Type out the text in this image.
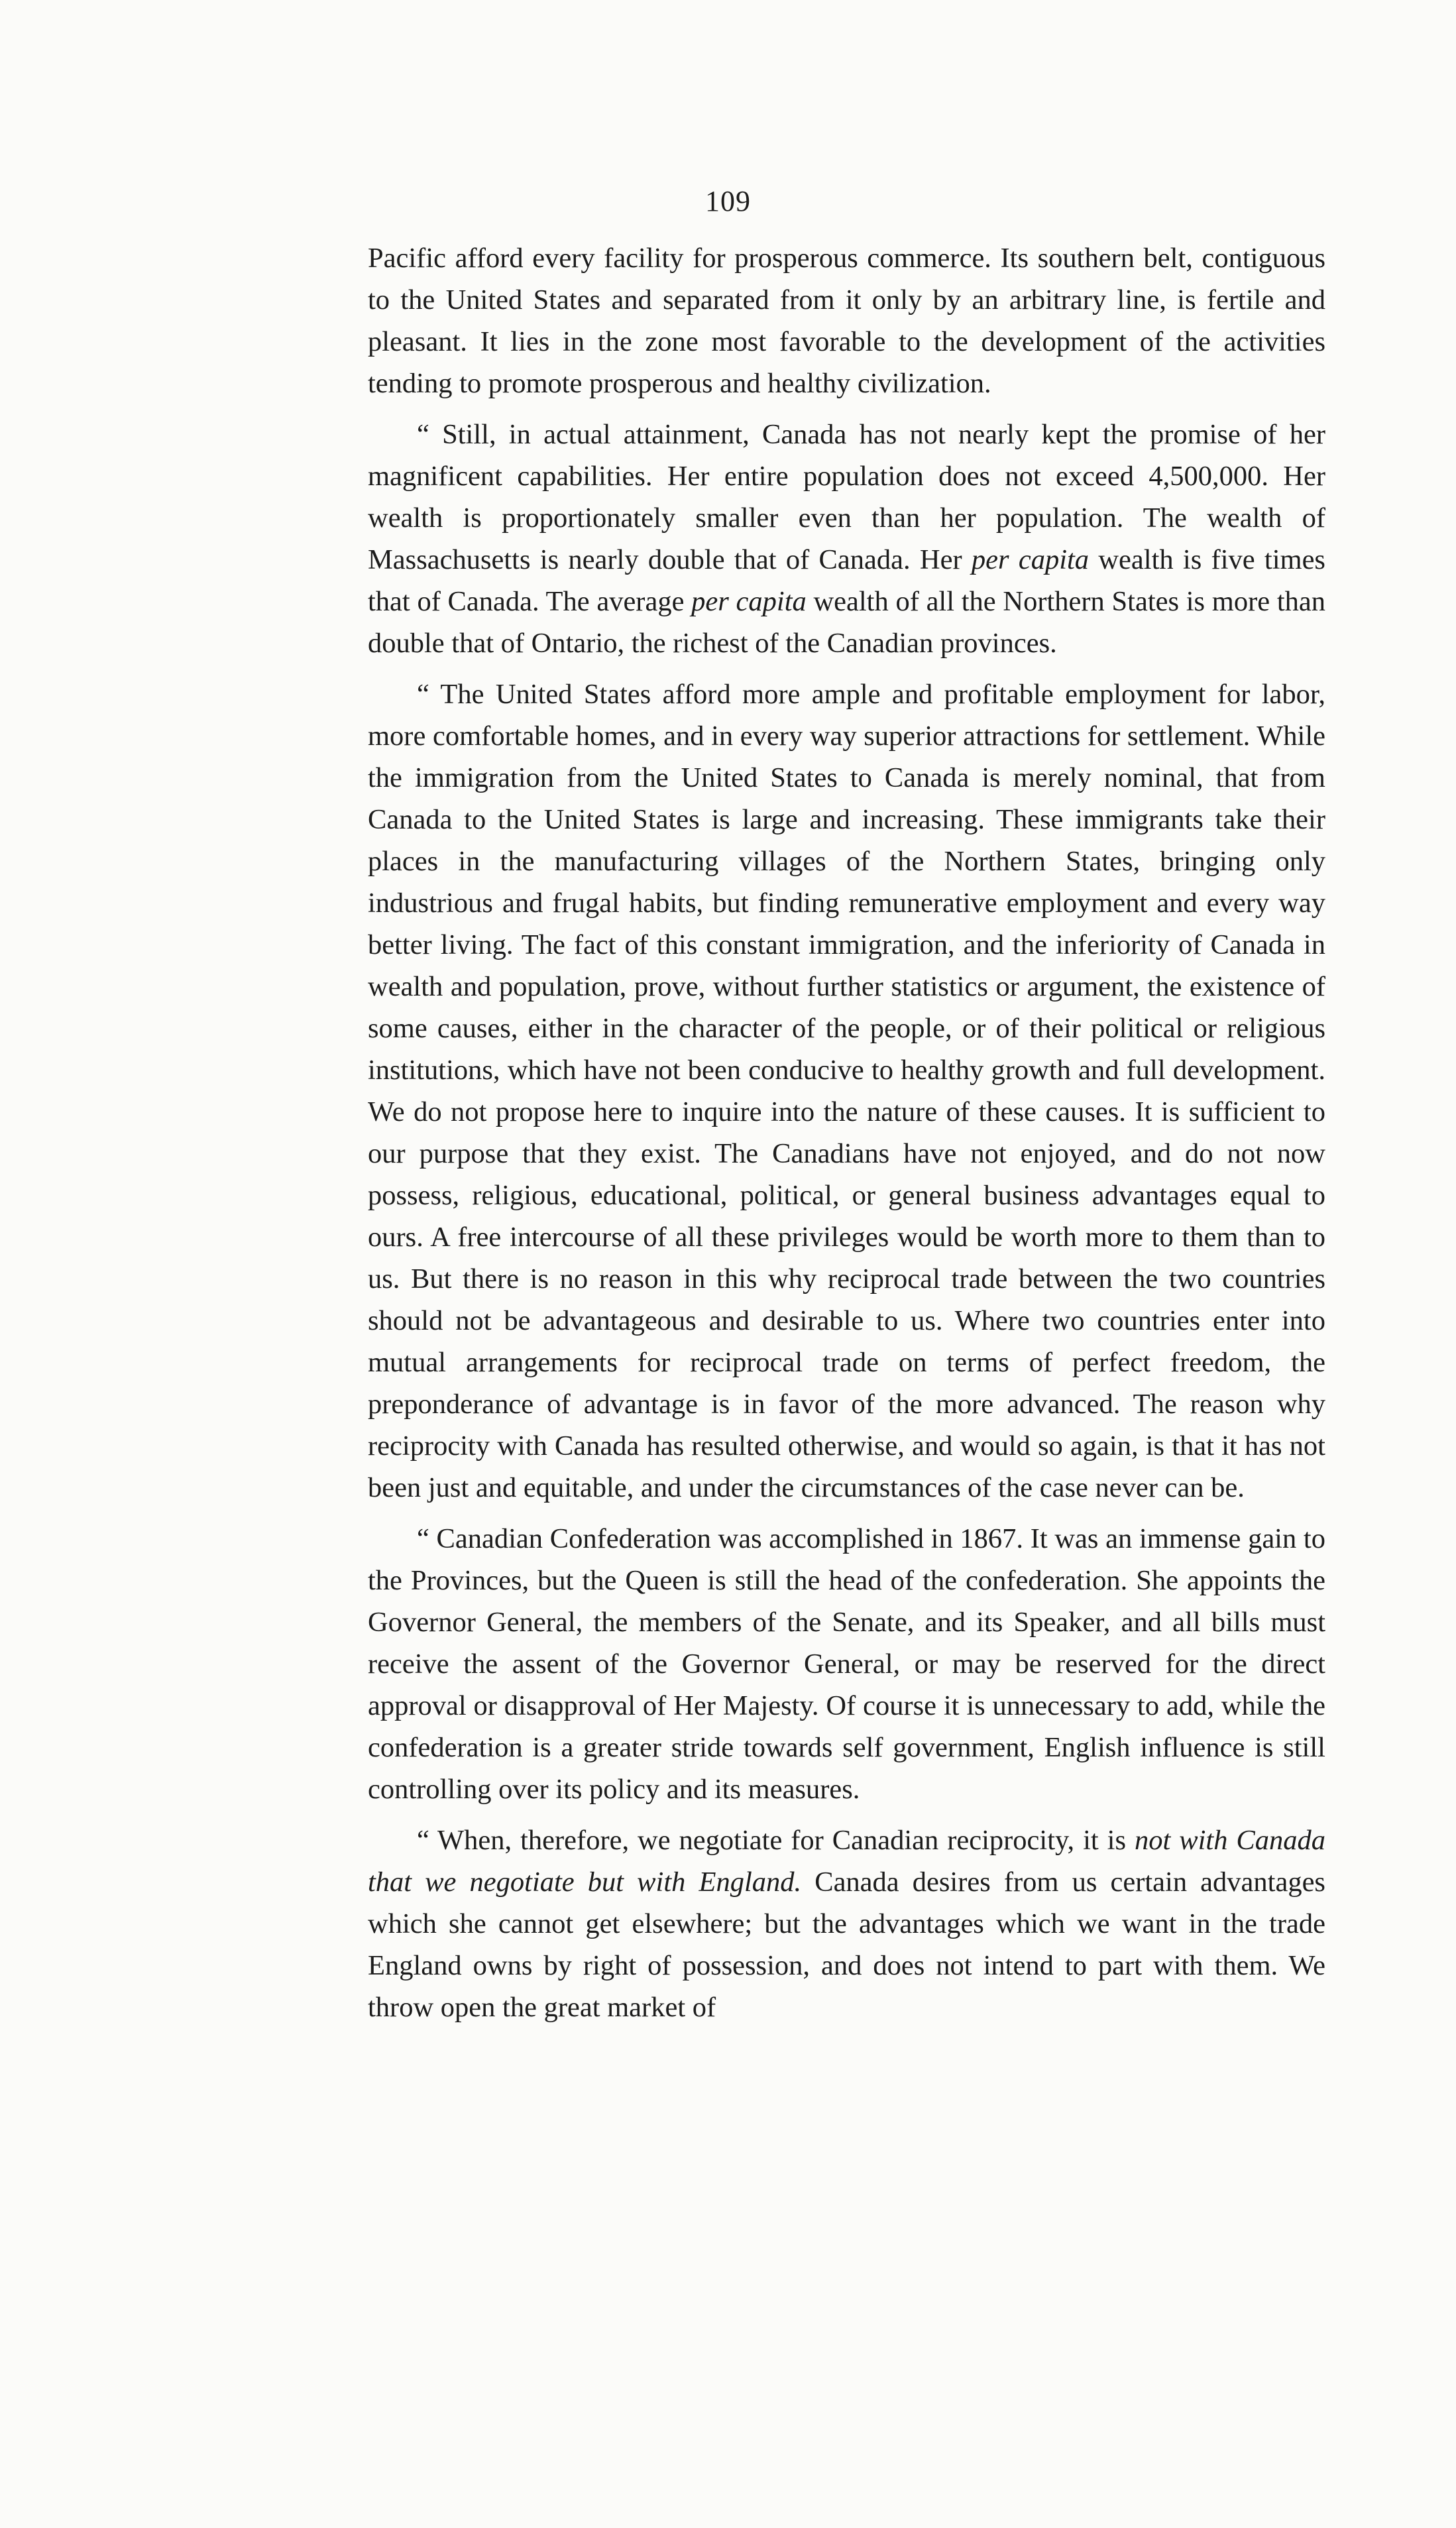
109

Pacific afford every facility for prosperous commerce. Its southern belt, contiguous to the United States and separated from it only by an arbitrary line, is fertile and pleasant. It lies in the zone most favorable to the development of the activities tending to promote prosperous and healthy civilization.

“ Still, in actual attainment, Canada has not nearly kept the promise of her magnificent capabilities. Her entire population does not exceed 4,500,000. Her wealth is proportionately smaller even than her population. The wealth of Massachusetts is nearly double that of Canada. Her per capita wealth is five times that of Canada. The average per capita wealth of all the Northern States is more than double that of Ontario, the richest of the Canadian provinces.

“ The United States afford more ample and profitable employment for labor, more comfortable homes, and in every way superior attractions for settlement. While the immigration from the United States to Canada is merely nominal, that from Canada to the United States is large and increasing. These immigrants take their places in the manufacturing villages of the Northern States, bringing only industrious and frugal habits, but finding remunerative employment and every way better living. The fact of this constant immigration, and the inferiority of Canada in wealth and population, prove, without further statistics or argument, the existence of some causes, either in the character of the people, or of their political or religious institutions, which have not been conducive to healthy growth and full development. We do not propose here to inquire into the nature of these causes. It is sufficient to our purpose that they exist. The Canadians have not enjoyed, and do not now possess, religious, educational, political, or general business advantages equal to ours. A free intercourse of all these privileges would be worth more to them than to us. But there is no reason in this why reciprocal trade between the two countries should not be advantageous and desirable to us. Where two countries enter into mutual arrangements for reciprocal trade on terms of perfect freedom, the preponderance of advantage is in favor of the more advanced. The reason why reciprocity with Canada has resulted otherwise, and would so again, is that it has not been just and equitable, and under the circumstances of the case never can be.

“ Canadian Confederation was accomplished in 1867. It was an immense gain to the Provinces, but the Queen is still the head of the confederation. She appoints the Governor General, the members of the Senate, and its Speaker, and all bills must receive the assent of the Governor General, or may be reserved for the direct approval or disapproval of Her Majesty. Of course it is unnecessary to add, while the confederation is a greater stride towards self government, English influence is still controlling over its policy and its measures.

“ When, therefore, we negotiate for Canadian reciprocity, it is not with Canada that we negotiate but with England. Canada desires from us certain advantages which she cannot get elsewhere; but the advantages which we want in the trade England owns by right of possession, and does not intend to part with them. We throw open the great market of
